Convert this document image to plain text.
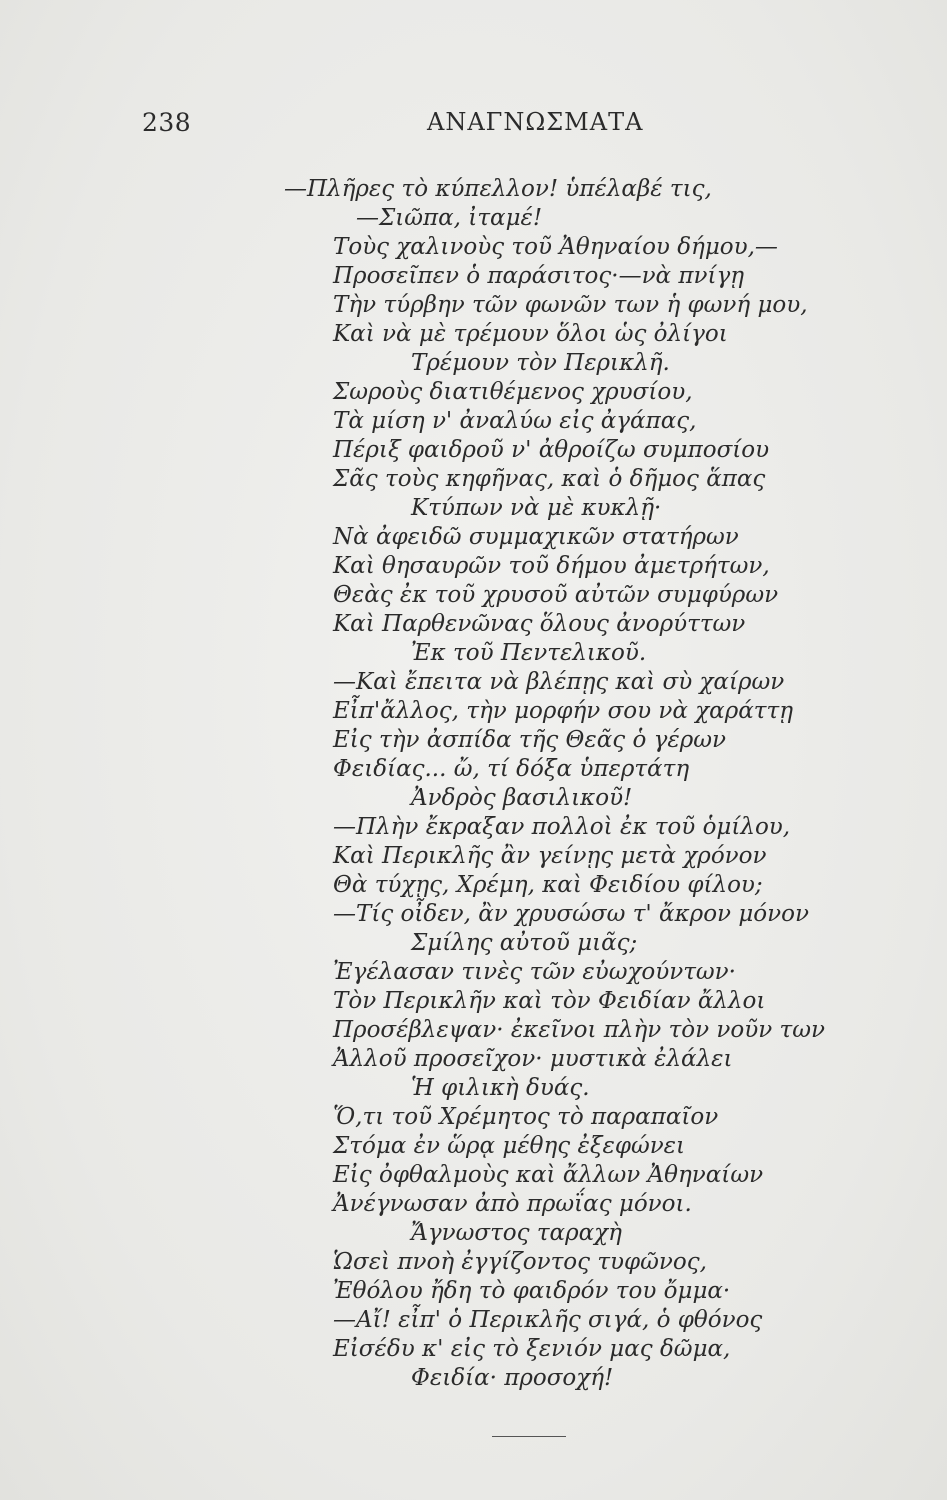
238	ΑΝΑΓΝΩΣΜΑΤΑ
—Πλῆρες τὸ κύπελλον! ὑπέλαβέ τις,
—Σιῶπα, ἰταμέ!
Τοὺς χαλινοὺς τοῦ Ἀθηναίου δήμου,—
Προσεῖπεν ὁ παράσιτος·—νὰ πνίγῃ
Τὴν τύρβην τῶν φωνῶν των ἡ φωνή μου,
Καὶ νὰ μὲ τρέμουν ὅλοι ὡς ὀλίγοι
Τρέμουν τὸν Περικλῆ.
Σωροὺς διατιθέμενος χρυσίου,
Τὰ μίση ν' ἀναλύω εἰς ἀγάπας,
Πέριξ φαιδροῦ ν' ἀθροίζω συμποσίου
Σᾶς τοὺς κηφῆνας, καὶ ὁ δῆμος ἅπας
Κτύπων νὰ μὲ κυκλῇ·
Νὰ ἀφειδῶ συμμαχικῶν στατήρων
Καὶ θησαυρῶν τοῦ δήμου ἀμετρήτων,
Θεὰς ἐκ τοῦ χρυσοῦ αὐτῶν συμφύρων
Καὶ Παρθενῶνας ὅλους ἀνορύττων
Ἐκ τοῦ Πεντελικοῦ.
—Καὶ ἔπειτα νὰ βλέπῃς καὶ σὺ χαίρων
Εἶπ'ἄλλος, τὴν μορφήν σου νὰ χαράττῃ
Εἰς τὴν ἀσπίδα τῆς Θεᾶς ὁ γέρων
Φειδίας... ὤ, τί δόξα ὑπερτάτη
Ἀνδρὸς βασιλικοῦ!
—Πλὴν ἔκραξαν πολλοὶ ἐκ τοῦ ὁμίλου,
Καὶ Περικλῆς ἂν γείνῃς μετὰ χρόνον
Θὰ τύχῃς, Χρέμη, καὶ Φειδίου φίλου;
—Τίς οἶδεν, ἂν χρυσώσω τ' ἄκρον μόνον
Σμίλης αὐτοῦ μιᾶς;
Ἐγέλασαν τινὲς τῶν εὐωχούντων·
Τὸν Περικλῆν καὶ τὸν Φειδίαν ἄλλοι
Προσέβλεψαν· ἐκεῖνοι πλὴν τὸν νοῦν των
Ἀλλοῦ προσεῖχον· μυστικὰ ἐλάλει
Ἡ φιλικὴ δυάς.
Ὅ,τι τοῦ Χρέμητος τὸ παραπαῖον
Στόμα ἐν ὥρᾳ μέθης ἐξεφώνει
Εἰς ὀφθαλμοὺς καὶ ἄλλων Ἀθηναίων
Ἀνέγνωσαν ἀπὸ πρωΐας μόνοι.
Ἄγνωστος ταραχὴ
Ὡσεὶ πνοὴ ἐγγίζοντος τυφῶνος,
Ἐθόλου ἤδη τὸ φαιδρόν του ὄμμα·
—Αἴ! εἶπ' ὁ Περικλῆς σιγά, ὁ φθόνος
Εἰσέδυ κ' εἰς τὸ ξενιόν μας δῶμα,
Φειδία· προσοχή!
